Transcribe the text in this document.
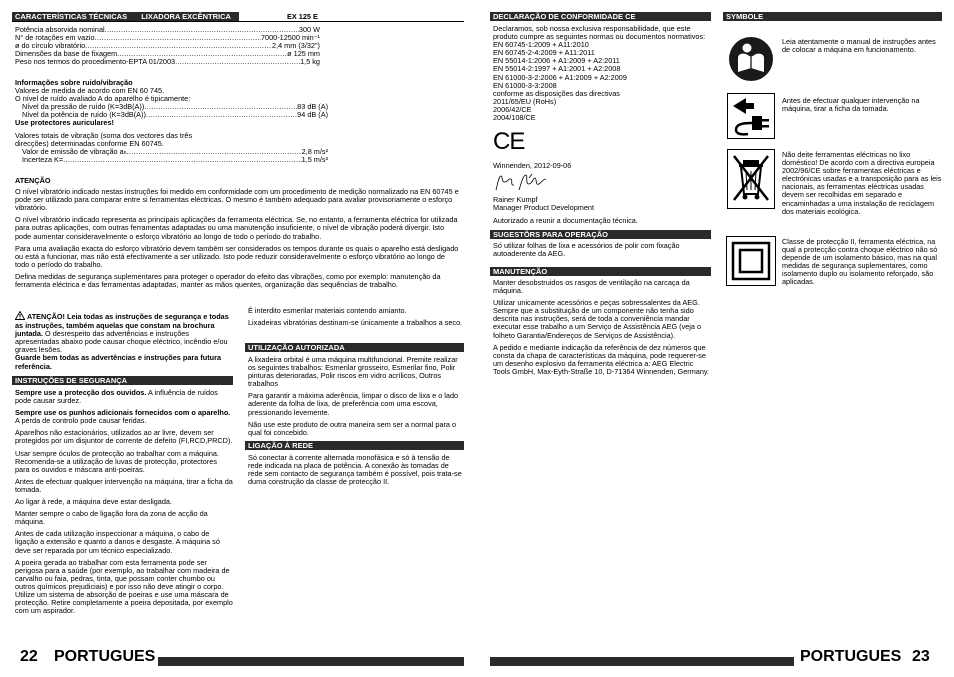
CARACTERÍSTICAS TÉCNICAS LIXADORA EXCÊNTRICA	EX 125 E
Potência absorvida nominal .....	300 W
N° de rotações em vazio .....	7000-12500 min⁻¹
ø do círculo vibratório .....	2,4 mm (3/32")
Dimensões da base de fixagem .....	ø 125 mm
Peso nos termos do procedimento-EPTA 01/2003 .....	1,5 kg
Informações sobre ruido/vibração
Valores de medida de acordo com EN 60 745.
O nível de ruído avaliado A do aparelho é tipicamente:
Nível da pressão de ruído (K=3dB(A)) .....	83 dB (A)
Nível da potência de ruído (K=3dB(A)) .....	94 dB (A)
Use protectores auriculares!
Valores totais de vibração (soma dos vectores das três
direcções) determinadas conforme EN 60745.
Valor de emissão de vibração aₕ .....	2,8 m/s²
Incerteza K= .....	1,5 m/s²
ATENÇÃO

O nível vibratório indicado nestas instruções foi medido em conformidade com um procedimento de medição normalizado na EN 60745 e pode ser utilizado para comparar entre si ferramentas eléctricas. O mesmo é também adequado para avaliar provisoriamente o esforço vibratório.

O nível vibratório indicado representa as principais aplicações da ferramenta eléctrica. Se, no entanto, a ferramenta eléctrica for utilizada para outras aplicações, com outras ferramentas adaptadas ou uma manutenção insuficiente, o nível de vibração poderá divergir. Isto pode aumentar consideravelmente o esforço vibratório ao longo de todo o período do trabalho.

Para uma avaliação exacta do esforço vibratório devem também ser considerados os tempos durante os quais o aparelho está desligado ou está a funcionar, mas não está efectivamente a ser utilizado. Isto pode reduzir consideravelmente o esforço vibratório ao longo de todo o período do trabalho.

Defina medidas de segurança suplementares para proteger o operador do efeito das vibrações, como por exemplo: manutenção da ferramenta eléctrica e das ferramentas adaptadas, manter as mãos quentes, organização das sequências de trabalho.

ATENÇÃO! Leia todas as instruções de segurança e todas as instruções, também aquelas que constam na brochura juntada. O desrespeito das advertências e instruções apresentadas abaixo pode causar choque eléctrico, incêndio e/ou graves lesões.

Guarde bem todas as advertências e instruções para futura referência.

INSTRUÇÕES DE SEGURANÇA

Sempre use a protecção dos ouvidos. A influência de ruídos pode causar surdez.

Sempre use os punhos adicionais fornecidos com o aparelho. A perda de controlo pode causar feridas.

Aparelhos não estacionários, utilizados ao ar livre, devem ser protegidos por um disjuntor de corrente de defeito (FI,RCD,PRCD).

Usar sempre óculos de protecção ao trabalhar com a máquina. Recomenda-se a utilização de luvas de protecção, protectores para os ouvidos e máscara anti-poeiras.

Antes de efectuar qualquer intervenção na máquina, tirar a ficha da tomada.

Ao ligar à rede, a máquina deve estar desligada.

Manter sempre o cabo de ligação fora da zona de acção da máquina.

Antes de cada utilização inspeccionar a máquina, o cabo de ligação a extensão e quanto a danos e desgaste. A máquina só deve ser reparada por um técnico especializado.

A poeira gerada ao trabalhar com esta ferramenta pode ser perigosa para a saúde (por exemplo, ao trabalhar com madeira de carvalho ou faia, pedras, tinta, que possam conter chumbo ou outros químicos prejudiciais) e por isso não deve atingir o corpo. Utilize um sistema de absorção de poeiras e use uma máscara de protecção. Retire completamente a poeira depositada, por exemplo com um aspirador.

É interdito esmerilar materiais contendo amianto.

Lixadeiras vibratórias destinam-se únicamente a trabalhos a seco.

UTILIZAÇÃO AUTORIZADA

A lixadeira orbital é uma máquina multifuncional. Premite realizar os seguintes trabalhos: Esmerilar grosseiro, Esmerilar fino, Polir pinturas deterioradas, Polir riscos em vidro acrílicos, Outros trabalhos

Para garantir a máxima aderência, limpar o disco de lixa e o lado aderente da folha de lixa, de preferência com uma escova, pressionando levemente.

Não use este produto de outra maneira sem ser a normal para o qual foi concebido.

LIGAÇÃO À REDE

Só conectar à corrente alternada monofásica e só à tensão de rede indicada na placa de potência. A conexão às tomadas de rede sem contacto de segurança também é possível, pois trata-se duma construção da classe de protecção II.

22 PORTUGUES
DECLARAÇÃO DE CONFORMIDADE CE

Declaramos, sob nossa exclusiva responsabilidade, que este produto cumpre as seguintes normas ou documentos normativos:

EN 60745-1:2009 + A11:2010
EN 60745-2-4:2009 + A11:2011
EN 55014-1:2006 + A1:2009 + A2:2011
EN 55014-2:1997 + A1:2001 + A2:2008
EN 61000-3-2:2006 + A1:2009 + A2:2009
EN 61000-3-3:2008
conforme as disposições das directivas
2011/65/EU (RoHs)
2006/42/CE
2004/108/CE
CE
Winnenden, 2012-09-06
Rainer Kumpf
Manager Product Development
Autorizado a reunir a documentação técnica.
SUGESTÕRS PARA OPERAÇÃO

Só utilizar folhas de lixa e acessórios de polir com fixação autoaderente da AEG.

MANUTENÇÃO

Manter desobstruidos os rasgos de ventilação na carcaça da máquina.

Utilizar unicamente acessórios e peças sobressalentes da AEG. Sempre que a substituição de um componente não tenha sido descrita nas instruções, será de toda a conveniência mandar executar esse trabalho a um Serviço de Assistência AEG (veja o folheto Garantia/Endereços de Serviços de Assistência).

A pedido e mediante indicação da referência de dez números que consta da chapa de características da máquina, pode requerer-se um desenho explosivo da ferramenta eléctrica a: AEG Electric Tools GmbH, Max-Eyth-Straße 10, D-71364 Winnenden, Germany.

SYMBOLE

Leia atentamente o manual de instruções antes de colocar a máquina em funcionamento.

Antes de efectuar qualquer intervenção na máquina, tirar a ficha da tomada.

Não deite ferramentas eléctricas no lixo doméstico! De acordo com a directiva europeia 2002/96/CE sobre ferramentas eléctricas e electrónicas usadas e a transposição para as leis nacionais, as ferramentas eléctricas usadas devem ser recolhidas em separado e encaminhadas a uma instalação de reciclagem dos materiais ecológica.

Classe de protecção II, ferramenta eléctrica, na qual a protecção contra choque eléctrico não só depende de um isolamento básico, mas na qual medidas de segurança suplementares, como isolamento duplo ou isolamento reforçado, são aplicadas.

PORTUGUES 23
